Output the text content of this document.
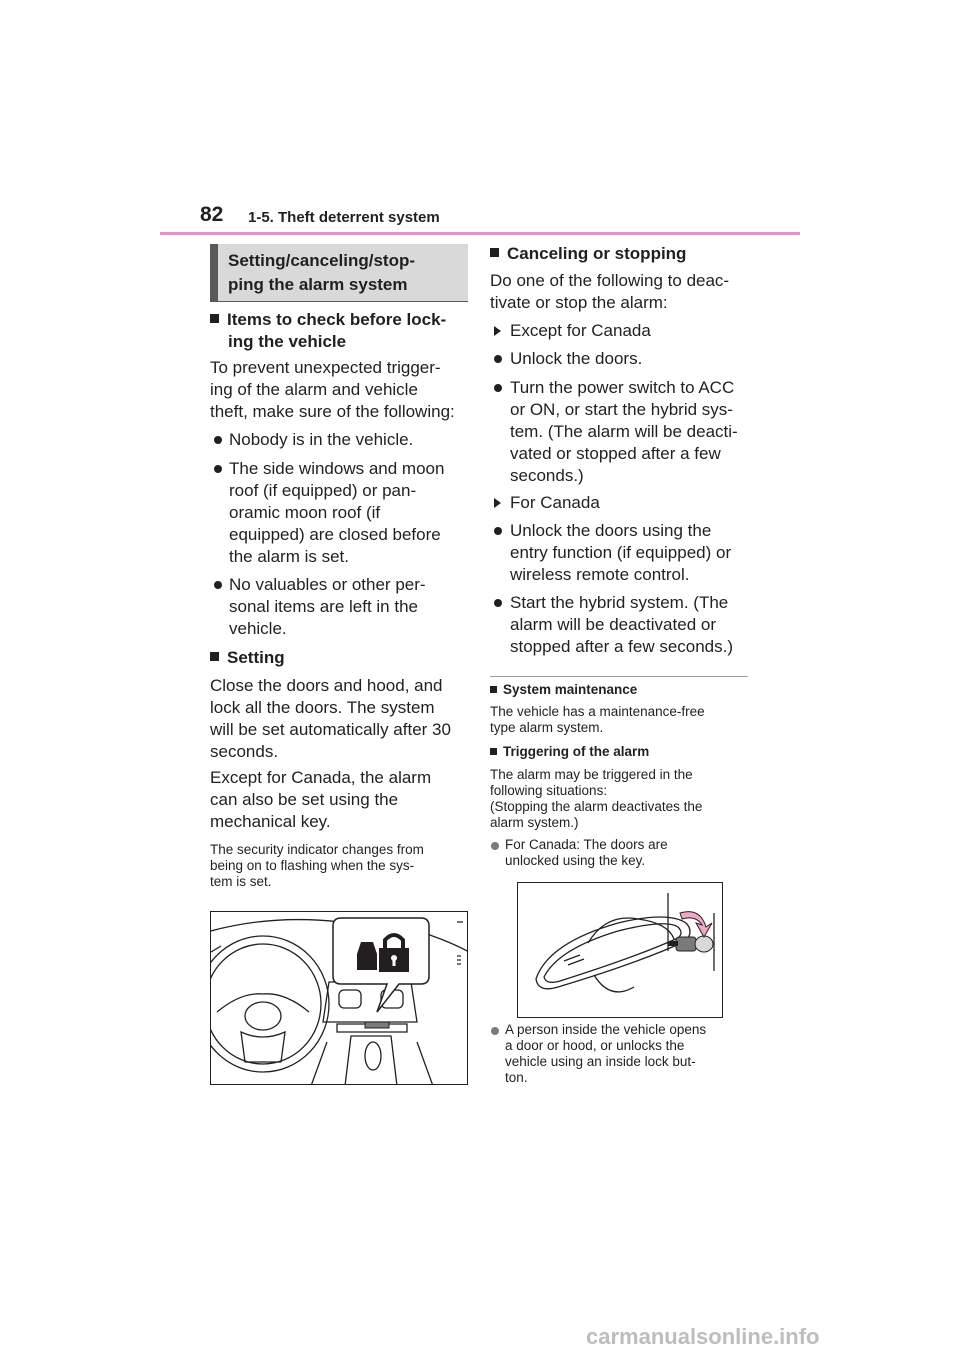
82 1-5. Theft deterrent system
Setting/canceling/stop-
ping the alarm system
Items to check before lock-
ing the vehicle
To prevent unexpected trigger-
ing of the alarm and vehicle
theft, make sure of the following:
Nobody is in the vehicle.
The side windows and moon
roof (if equipped) or pan-
oramic moon roof (if
equipped) are closed before
the alarm is set.
No valuables or other per-
sonal items are left in the
vehicle.
Setting
Close the doors and hood, and
lock all the doors. The system
will be set automatically after 30
seconds.
Except for Canada, the alarm
can also be set using the
mechanical key.
The security indicator changes from
being on to flashing when the sys-
tem is set.
Canceling or stopping
Do one of the following to deac-
tivate or stop the alarm:
Except for Canada
Unlock the doors.
Turn the power switch to ACC
or ON, or start the hybrid sys-
tem. (The alarm will be deacti-
vated or stopped after a few
seconds.)
For Canada
Unlock the doors using the
entry function (if equipped) or
wireless remote control.
Start the hybrid system. (The
alarm will be deactivated or
stopped after a few seconds.)
System maintenance
The vehicle has a maintenance-free
type alarm system.
Triggering of the alarm
The alarm may be triggered in the
following situations:
(Stopping the alarm deactivates the
alarm system.)
For Canada: The doors are
unlocked using the key.
A person inside the vehicle opens
a door or hood, or unlocks the
vehicle using an inside lock but-
ton.
carmanualsonline.info
